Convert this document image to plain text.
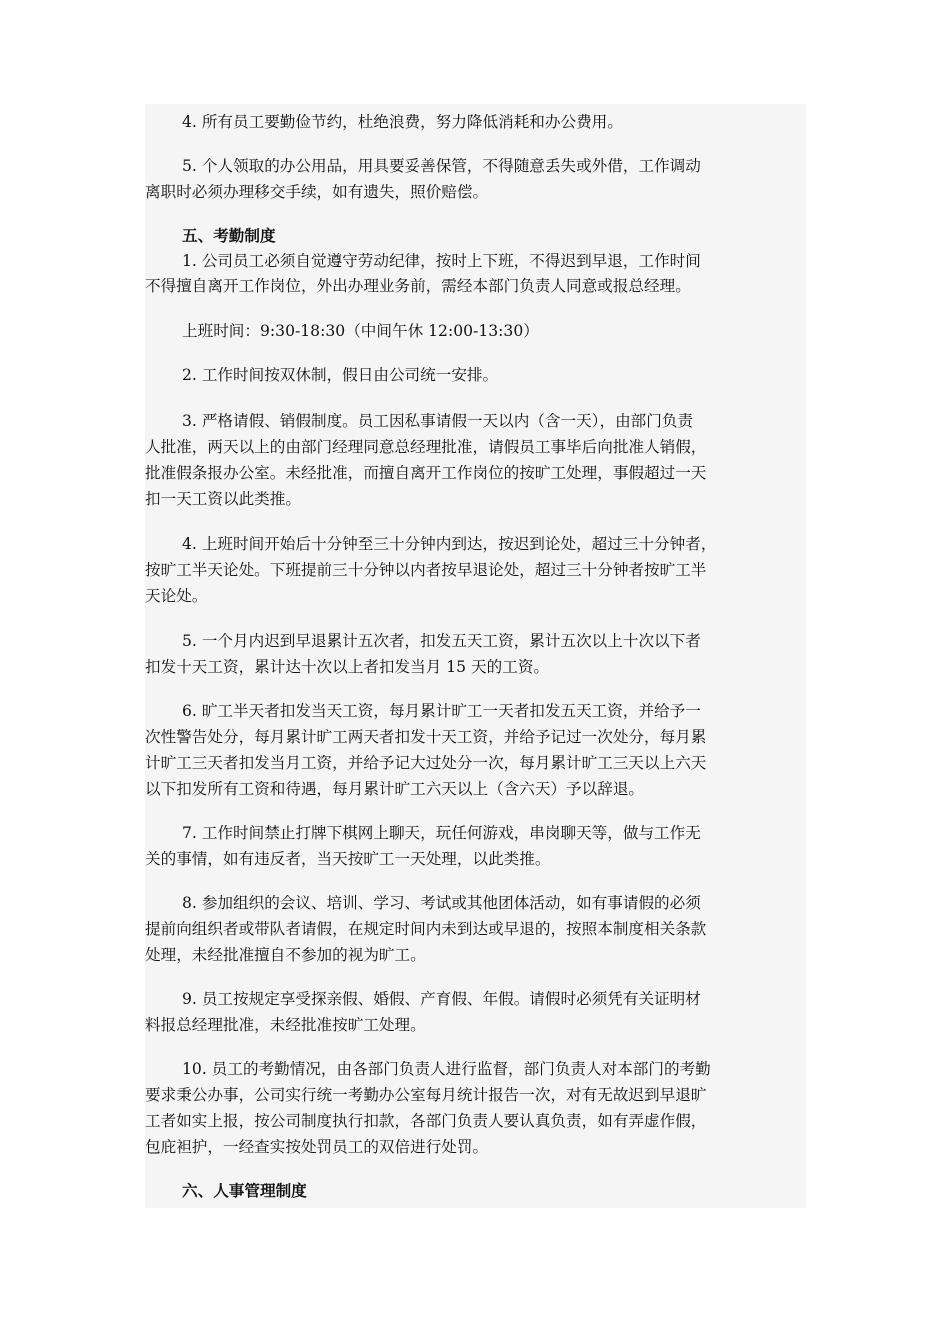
4. 所有员工要勤俭节约，杜绝浪费，努力降低消耗和办公费用。
5. 个人领取的办公用品，用具要妥善保管，不得随意丢失或外借，工作调动
离职时必须办理移交手续，如有遗失，照价赔偿。
五、考勤制度
1. 公司员工必须自觉遵守劳动纪律，按时上下班，不得迟到早退，工作时间
不得擅自离开工作岗位，外出办理业务前，需经本部门负责人同意或报总经理。
上班时间：9:30-18:30（中间午休 12:00-13:30）
2. 工作时间按双休制，假日由公司统一安排。
3. 严格请假、销假制度。员工因私事请假一天以内（含一天），由部门负责
人批准，两天以上的由部门经理同意总经理批准，请假员工事毕后向批准人销假，
批准假条报办公室。未经批准，而擅自离开工作岗位的按旷工处理，事假超过一天
扣一天工资以此类推。
4. 上班时间开始后十分钟至三十分钟内到达，按迟到论处，超过三十分钟者，
按旷工半天论处。下班提前三十分钟以内者按早退论处，超过三十分钟者按旷工半
天论处。
5. 一个月内迟到早退累计五次者，扣发五天工资，累计五次以上十次以下者
扣发十天工资，累计达十次以上者扣发当月 15 天的工资。
6. 旷工半天者扣发当天工资，每月累计旷工一天者扣发五天工资，并给予一
次性警告处分，每月累计旷工两天者扣发十天工资，并给予记过一次处分，每月累
计旷工三天者扣发当月工资，并给予记大过处分一次，每月累计旷工三天以上六天
以下扣发所有工资和待遇，每月累计旷工六天以上（含六天）予以辞退。
7. 工作时间禁止打牌下棋网上聊天，玩任何游戏，串岗聊天等，做与工作无
关的事情，如有违反者，当天按旷工一天处理，以此类推。
8. 参加组织的会议、培训、学习、考试或其他团体活动，如有事请假的必须
提前向组织者或带队者请假，在规定时间内未到达或早退的，按照本制度相关条款
处理，未经批准擅自不参加的视为旷工。
9. 员工按规定享受探亲假、婚假、产育假、年假。请假时必须凭有关证明材
料报总经理批准，未经批准按旷工处理。
10. 员工的考勤情况，由各部门负责人进行监督，部门负责人对本部门的考勤
要求秉公办事，公司实行统一考勤办公室每月统计报告一次，对有无故迟到早退旷
工者如实上报，按公司制度执行扣款，各部门负责人要认真负责，如有弄虚作假，
包庇袒护，一经查实按处罚员工的双倍进行处罚。
六、人事管理制度
